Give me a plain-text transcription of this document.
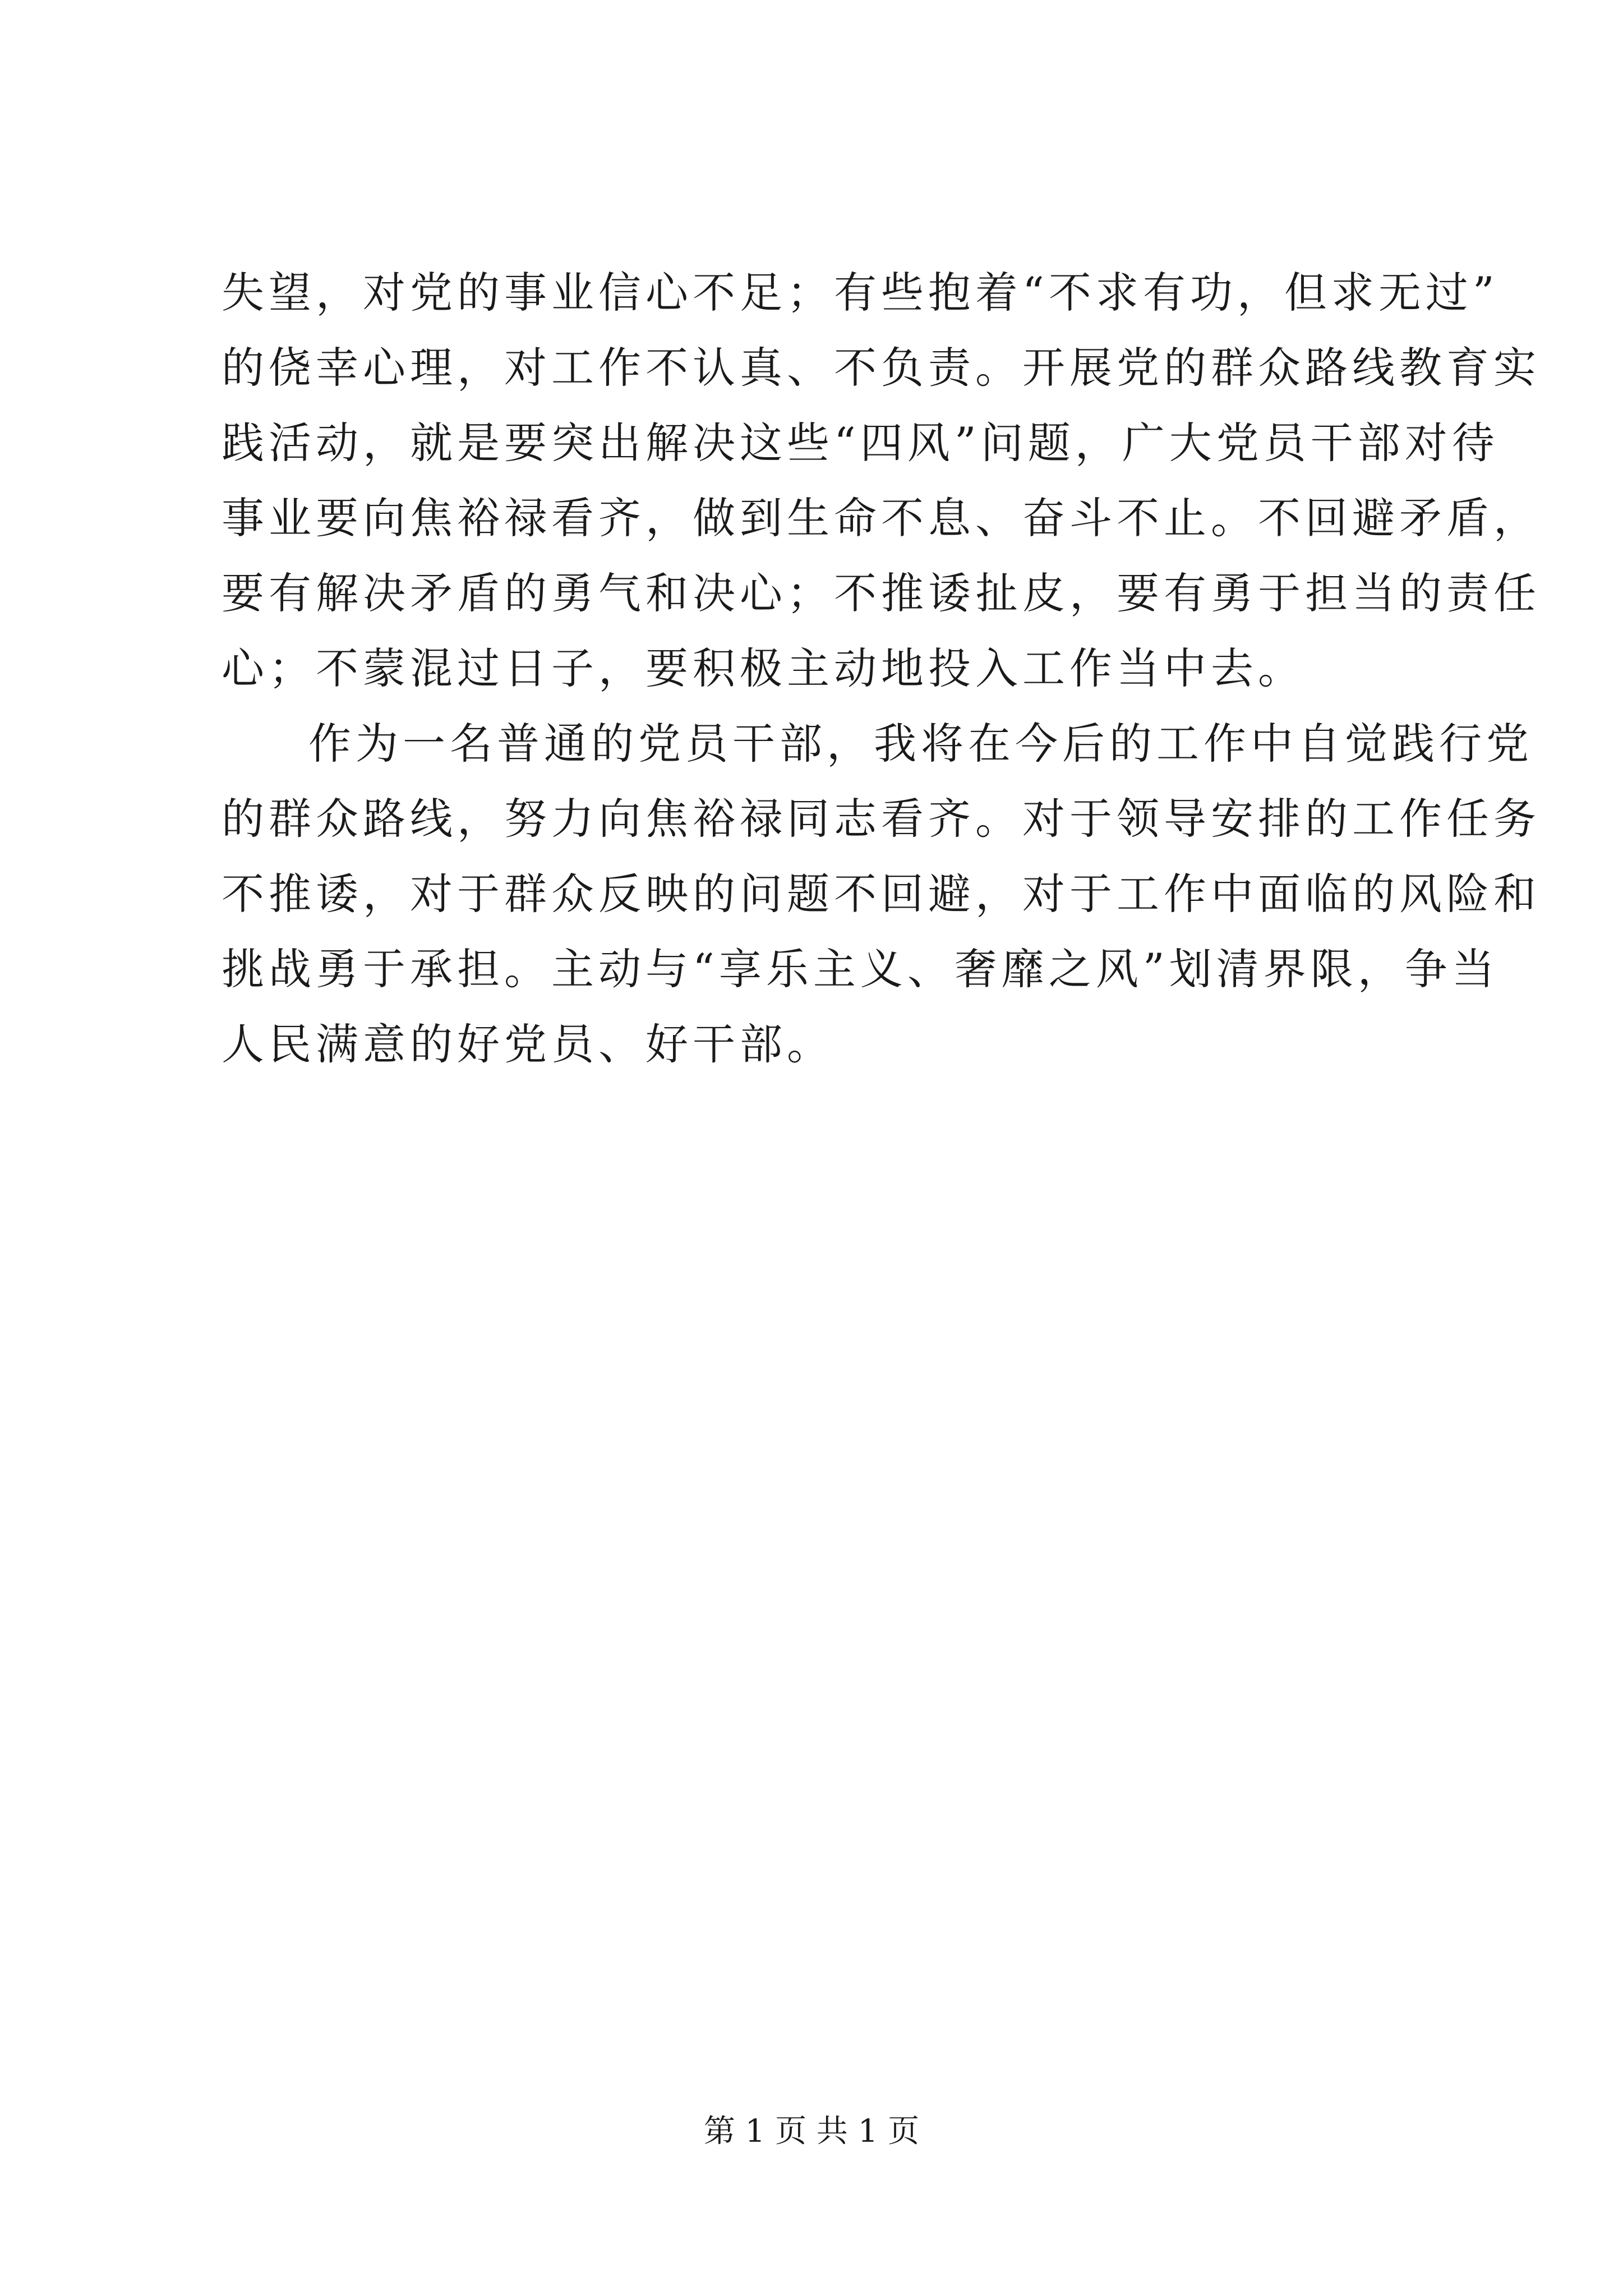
失望，对党的事业信心不足；有些抱着“不求有功，但求无过”
的侥幸心理，对工作不认真、不负责。开展党的群众路线教育实
践活动，就是要突出解决这些“四风”问题，广大党员干部对待
事业要向焦裕禄看齐，做到生命不息、奋斗不止。不回避矛盾，
要有解决矛盾的勇气和决心；不推诿扯皮，要有勇于担当的责任
心；不蒙混过日子，要积极主动地投入工作当中去。
作为一名普通的党员干部，我将在今后的工作中自觉践行党
的群众路线，努力向焦裕禄同志看齐。对于领导安排的工作任务
不推诿，对于群众反映的问题不回避，对于工作中面临的风险和
挑战勇于承担。主动与“享乐主义、奢靡之风”划清界限，争当
人民满意的好党员、好干部。
第 1 页 共 1 页
